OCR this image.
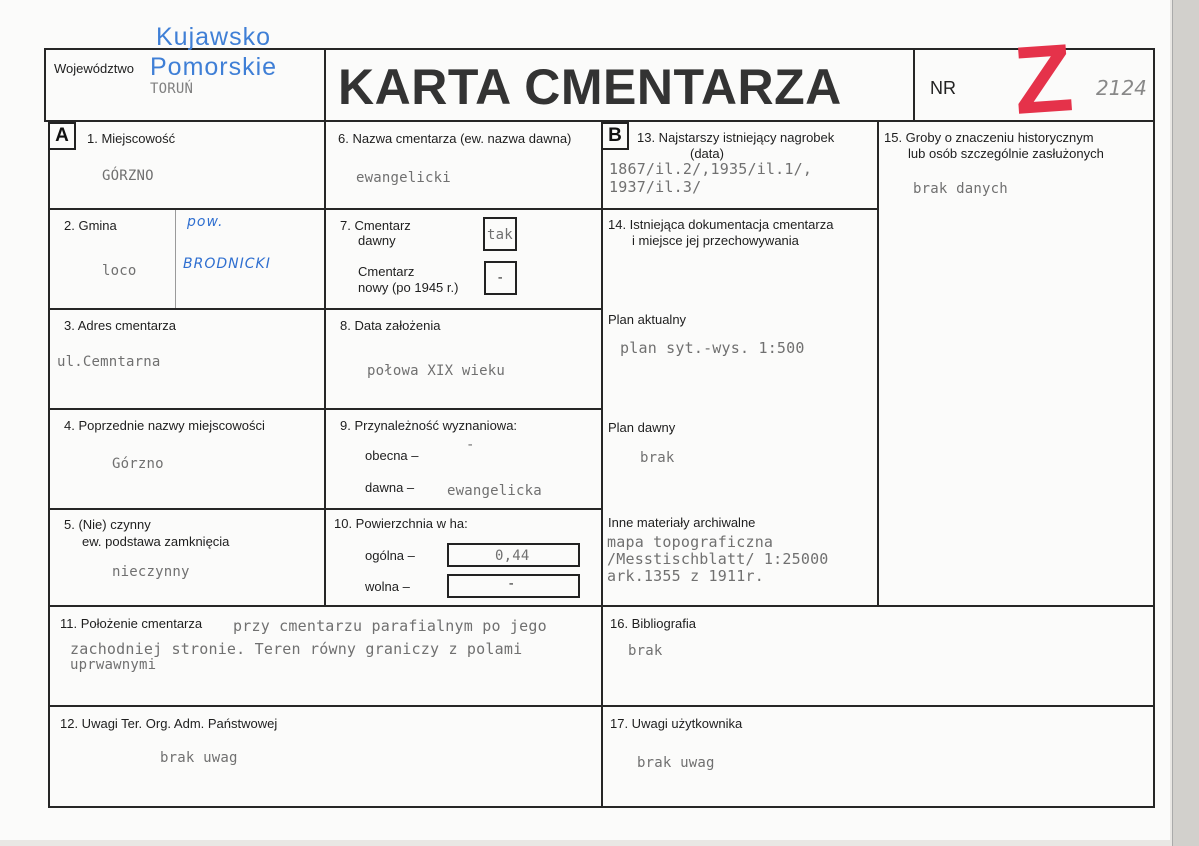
Województwo
Kujawsko
Pomorskie
TORUŃ	KARTA CMENTARZA	NR Z 2124
A	B
1. Miejscowość
GÓRZNO
2. Gmina
loco
pow.
BRODNICKI
3. Adres cmentarza
ul.Cemntarna
4. Poprzednie nazwy miejscowości
Górzno
5. (Nie) czynny
ew. podstawa zamknięcia
nieczynny
6. Nazwa cmentarza (ew. nazwa dawna)
ewangelicki
7. Cmentarz
dawny	tak
Cmentarz
nowy (po 1945 r.)
-
8. Data założenia
połowa XIX wieku
9. Przynależność wyznaniowa:
obecna –
-
dawna – ewangelicka
10. Powierzchnia w ha:
ogólna –	0,44
wolna –	-
11. Położenie cmentarza przy cmentarzu parafialnym po jego
zachodniej stronie. Teren równy graniczy z polami
uprwawnymi
12. Uwagi Ter. Org. Adm. Państwowej
brak uwag
13. Najstarszy istniejący nagrobek
(data)
1867/il.2/,1935/il.1/,
1937/il.3/
14. Istniejąca dokumentacja cmentarza
i miejsce jej przechowywania
Plan aktualny
plan syt.-wys. 1:500
Plan dawny
brak
Inne materiały archiwalne
mapa topograficzna
/Messtischblatt/ 1:25000
ark.1355 z 1911r.
15. Groby o znaczeniu historycznym
lub osób szczególnie zasłużonych
brak danych
16. Bibliografia
brak
17. Uwagi użytkownika
brak uwag
